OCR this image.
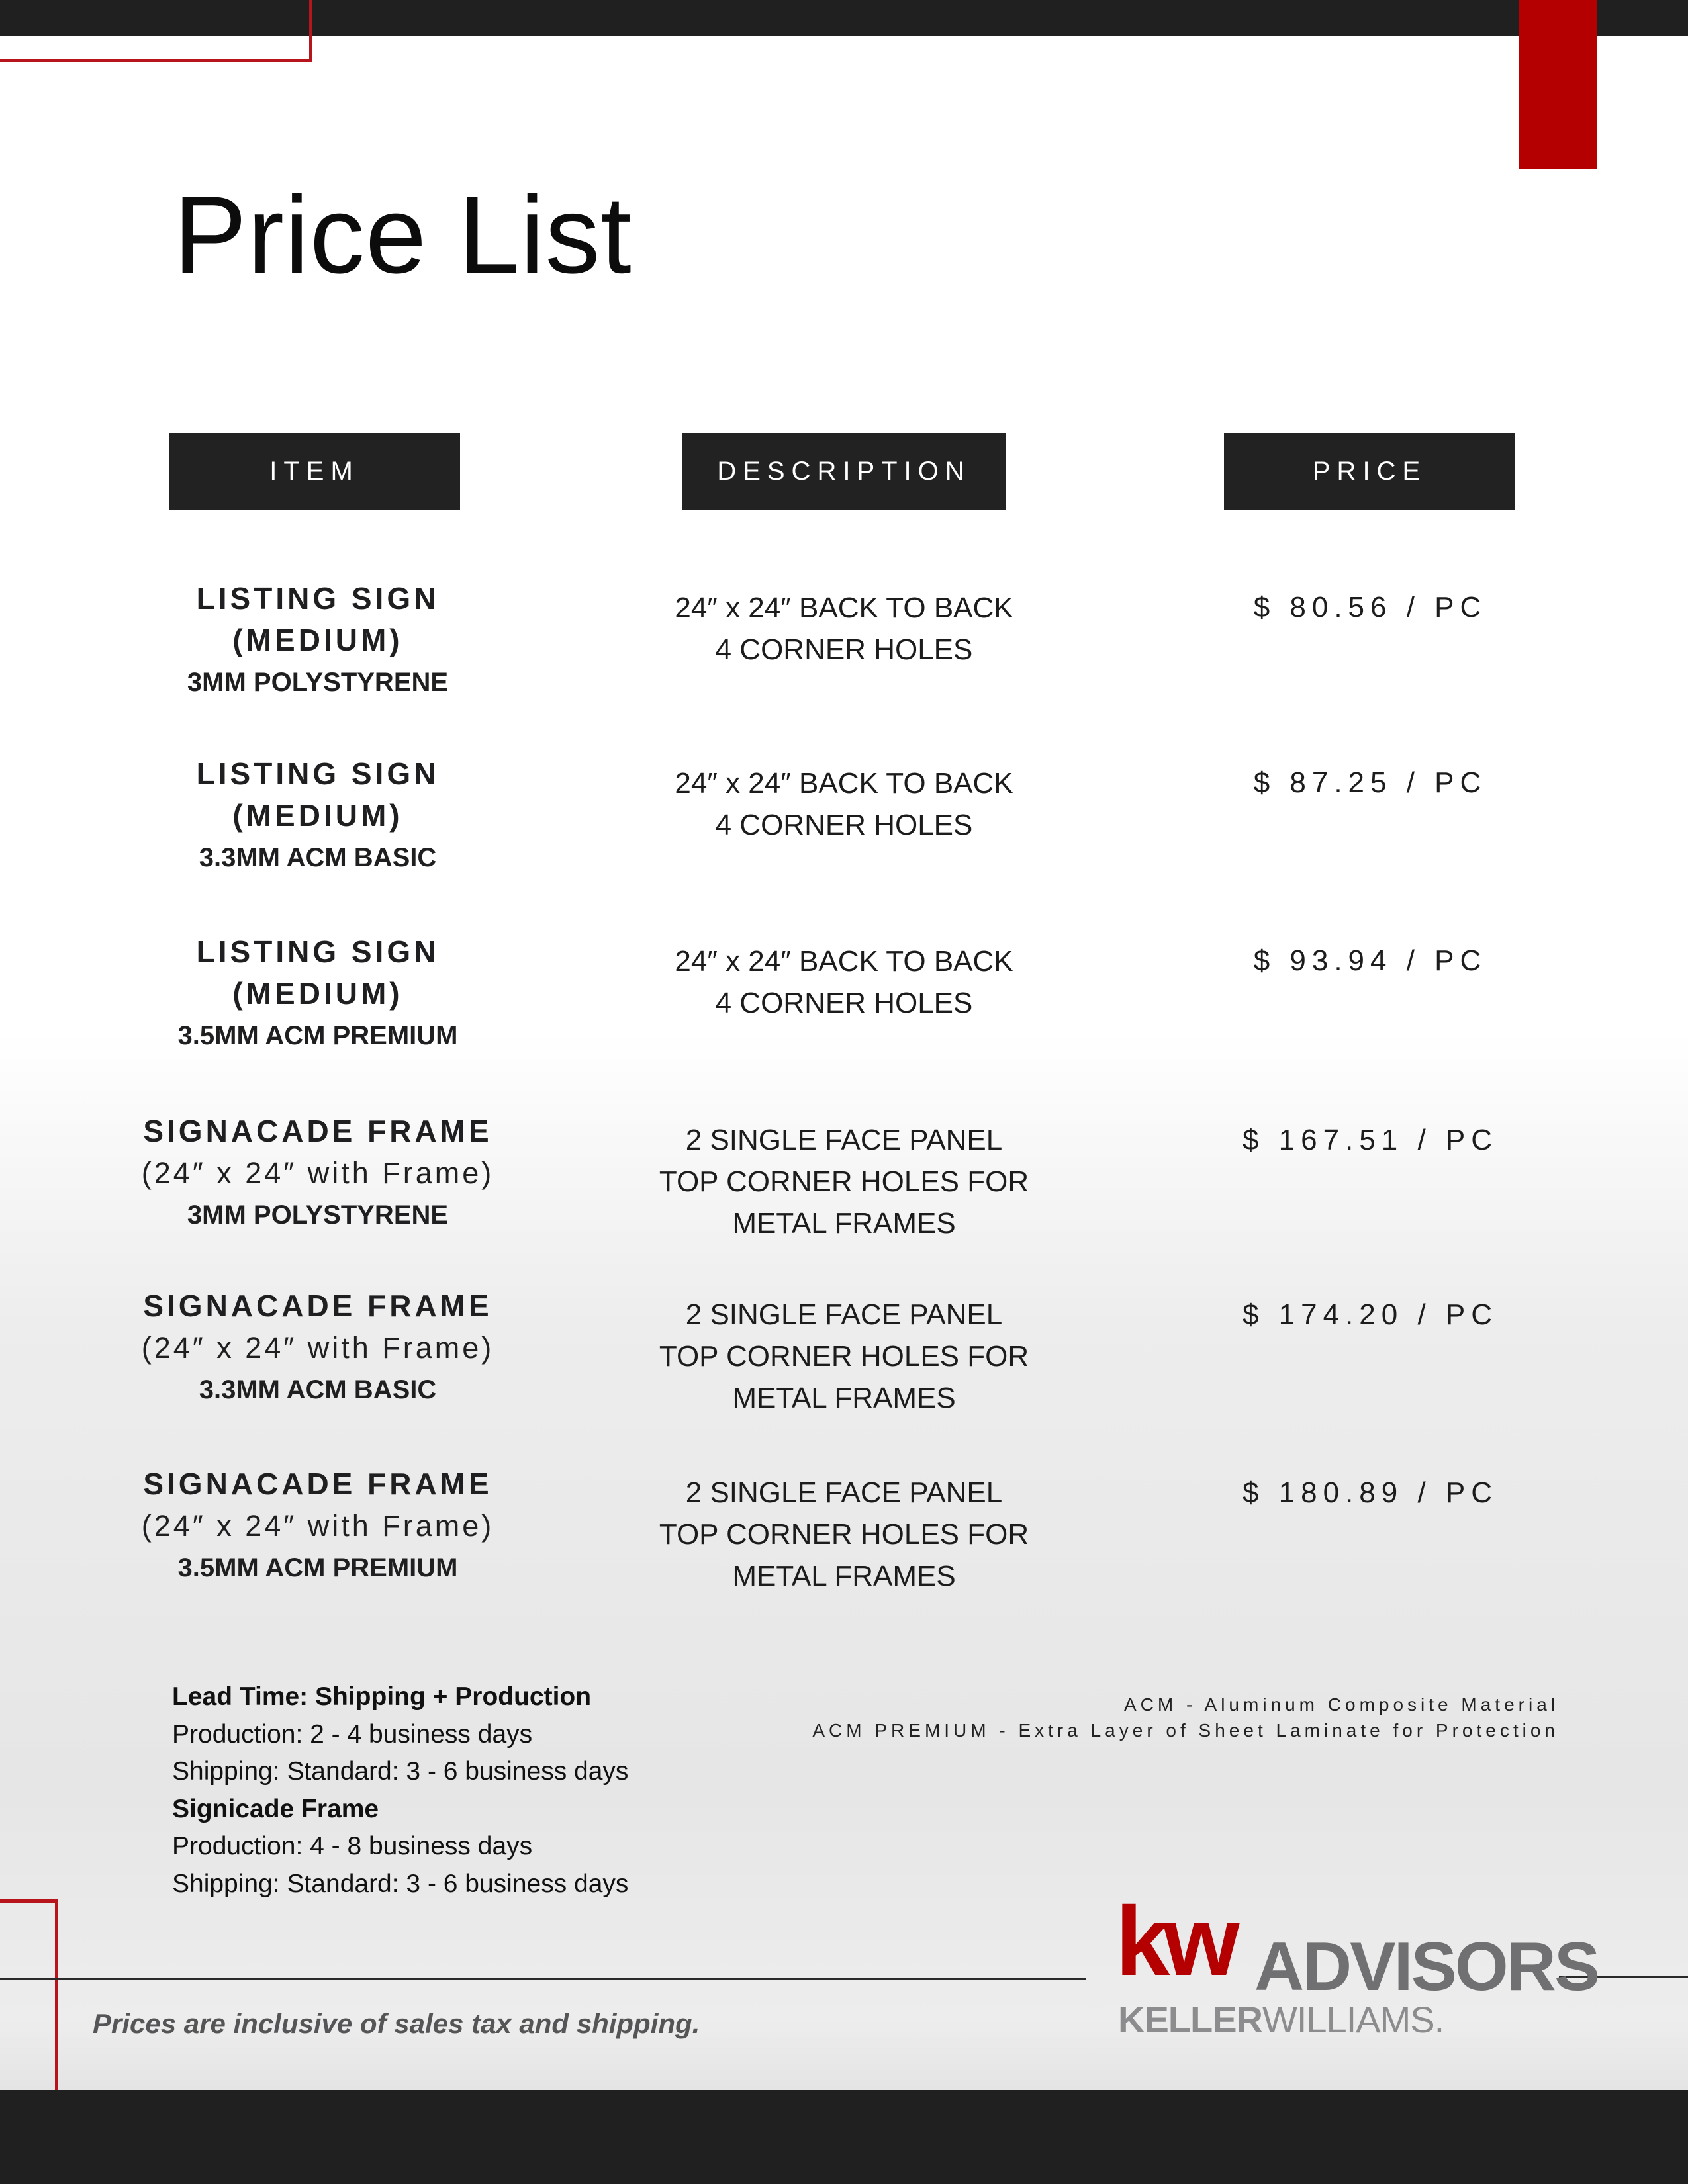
Price List
ITEM	DESCRIPTION	PRICE
LISTING SIGN
(MEDIUM)
3MM POLYSTYRENE
24″ x 24″ BACK TO BACK
4 CORNER HOLES
$ 80.56 / PC
LISTING SIGN
(MEDIUM)
3.3MM ACM BASIC
24″ x 24″ BACK TO BACK
4 CORNER HOLES
$ 87.25 / PC
LISTING SIGN
(MEDIUM)
3.5MM ACM PREMIUM
24″ x 24″ BACK TO BACK
4 CORNER HOLES
$ 93.94 / PC
SIGNACADE FRAME
(24″ x 24″ with Frame)
3MM POLYSTYRENE
2 SINGLE FACE PANEL
TOP CORNER HOLES FOR
METAL FRAMES
$ 167.51 / PC
SIGNACADE FRAME
(24″ x 24″ with Frame)
3.3MM ACM BASIC
2 SINGLE FACE PANEL
TOP CORNER HOLES FOR
METAL FRAMES
$ 174.20 / PC
SIGNACADE FRAME
(24″ x 24″ with Frame)
3.5MM ACM PREMIUM
2 SINGLE FACE PANEL
TOP CORNER HOLES FOR
METAL FRAMES
$ 180.89 / PC
Lead Time: Shipping + Production
Production: 2 - 4 business days
Shipping: Standard: 3 - 6 business days
Signicade Frame
Production: 4 - 8 business days
Shipping: Standard: 3 - 6 business days
ACM - Aluminum Composite Material
ACM PREMIUM - Extra Layer of Sheet Laminate for Protection
kw ADVISORS
KELLERWILLIAMS.
Prices are inclusive of sales tax and shipping.
